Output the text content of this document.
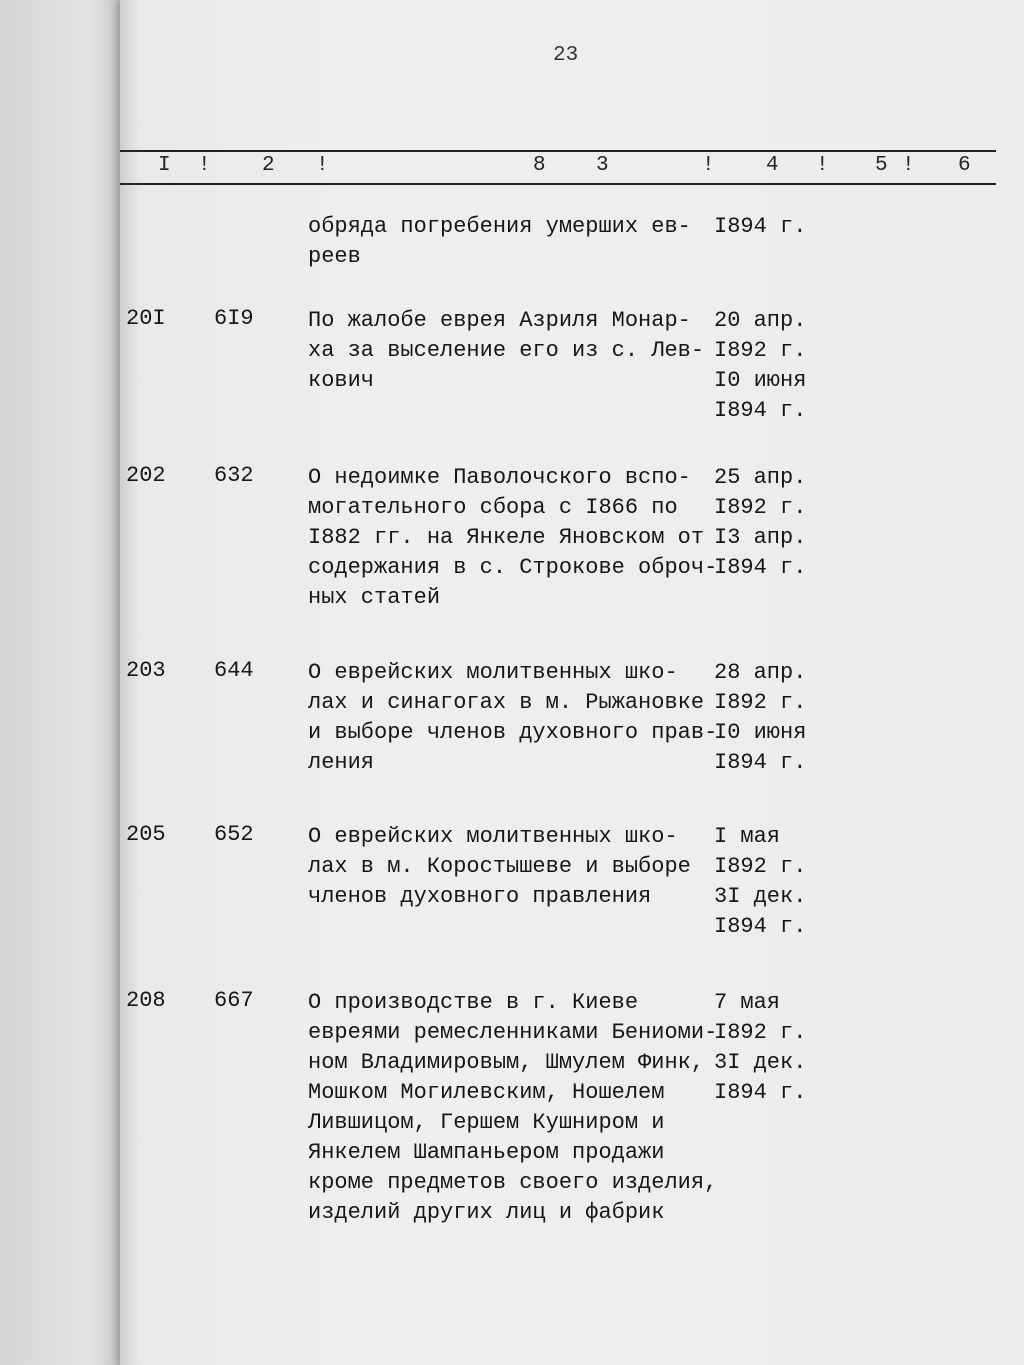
23
I ! 2 !	8 3	! 4 ! 5 ! 6
обряда погребения умерших ев-
реев
I894 г.
20I 6I9 По жалобе еврея Азриля Монар-
ха за выселение его из с. Лев-
кович
20 апр.
I892 г.
I0 июня
I894 г.
202 632 О недоимке Паволочского вспо-
могательного сбора с I866 по
I882 гг. на Янкеле Яновском от
содержания в с. Строкове оброч-
ных статей
25 апр.
I892 г.
I3 апр.
I894 г.
203 644 О еврейских молитвенных шко-
лах и синагогах в м. Рыжановке
и выборе членов духовного прав-
ления
28 апр.
I892 г.
I0 июня
I894 г.
205 652 О еврейских молитвенных шко-
лах в м. Коростышеве и выборе
членов духовного правления
I мая
I892 г.
3I дек.
I894 г.
208 667 О производстве в г. Киеве
евреями ремесленниками Бениоми-
ном Владимировым, Шмулем Финк,
Мошком Могилевским, Ношелем
Лившицом, Гершем Кушниром и
Янкелем Шампаньером продажи
кроме предметов своего изделия,
изделий других лиц и фабрик
7 мая
I892 г.
3I дек.
I894 г.
